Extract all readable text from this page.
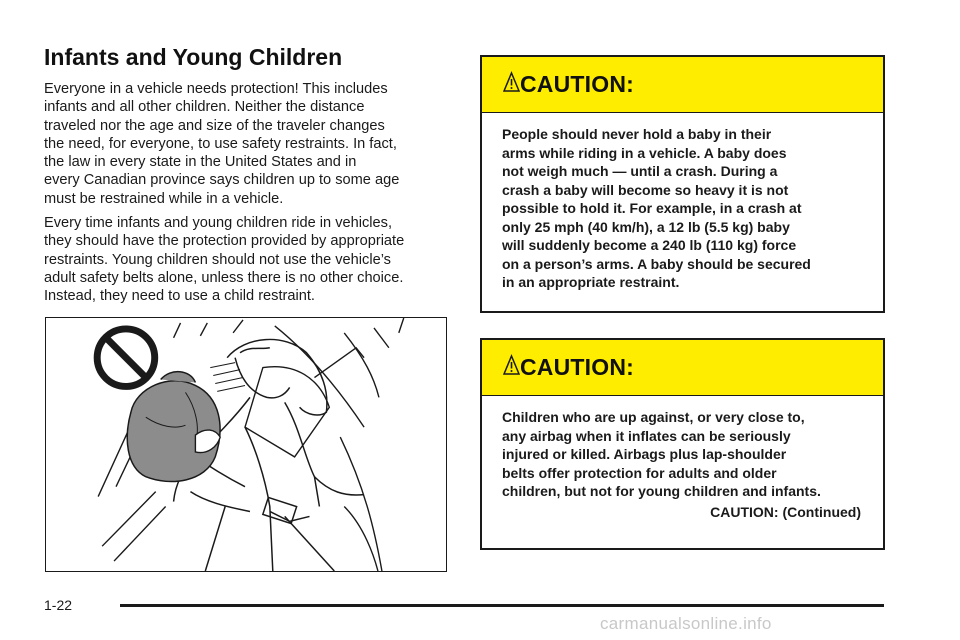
Infants and Young Children
Everyone in a vehicle needs protection! This includes
infants and all other children. Neither the distance
traveled nor the age and size of the traveler changes
the need, for everyone, to use safety restraints. In fact,
the law in every state in the United States and in
every Canadian province says children up to some age
must be restrained while in a vehicle.
Every time infants and young children ride in vehicles,
they should have the protection provided by appropriate
restraints. Young children should not use the vehicle’s
adult safety belts alone, unless there is no other choice.
Instead, they need to use a child restraint.
CAUTION:
People should never hold a baby in their
arms while riding in a vehicle. A baby does
not weigh much — until a crash. During a
crash a baby will become so heavy it is not
possible to hold it. For example, in a crash at
only 25 mph (40 km/h), a 12 lb (5.5 kg) baby
will suddenly become a 240 lb (110 kg) force
on a person’s arms. A baby should be secured
in an appropriate restraint.
CAUTION:
Children who are up against, or very close to,
any airbag when it inflates can be seriously
injured or killed. Airbags plus lap-shoulder
belts offer protection for adults and older
children, but not for young children and infants.
CAUTION: (Continued)
1-22
carmanualsonline.info
